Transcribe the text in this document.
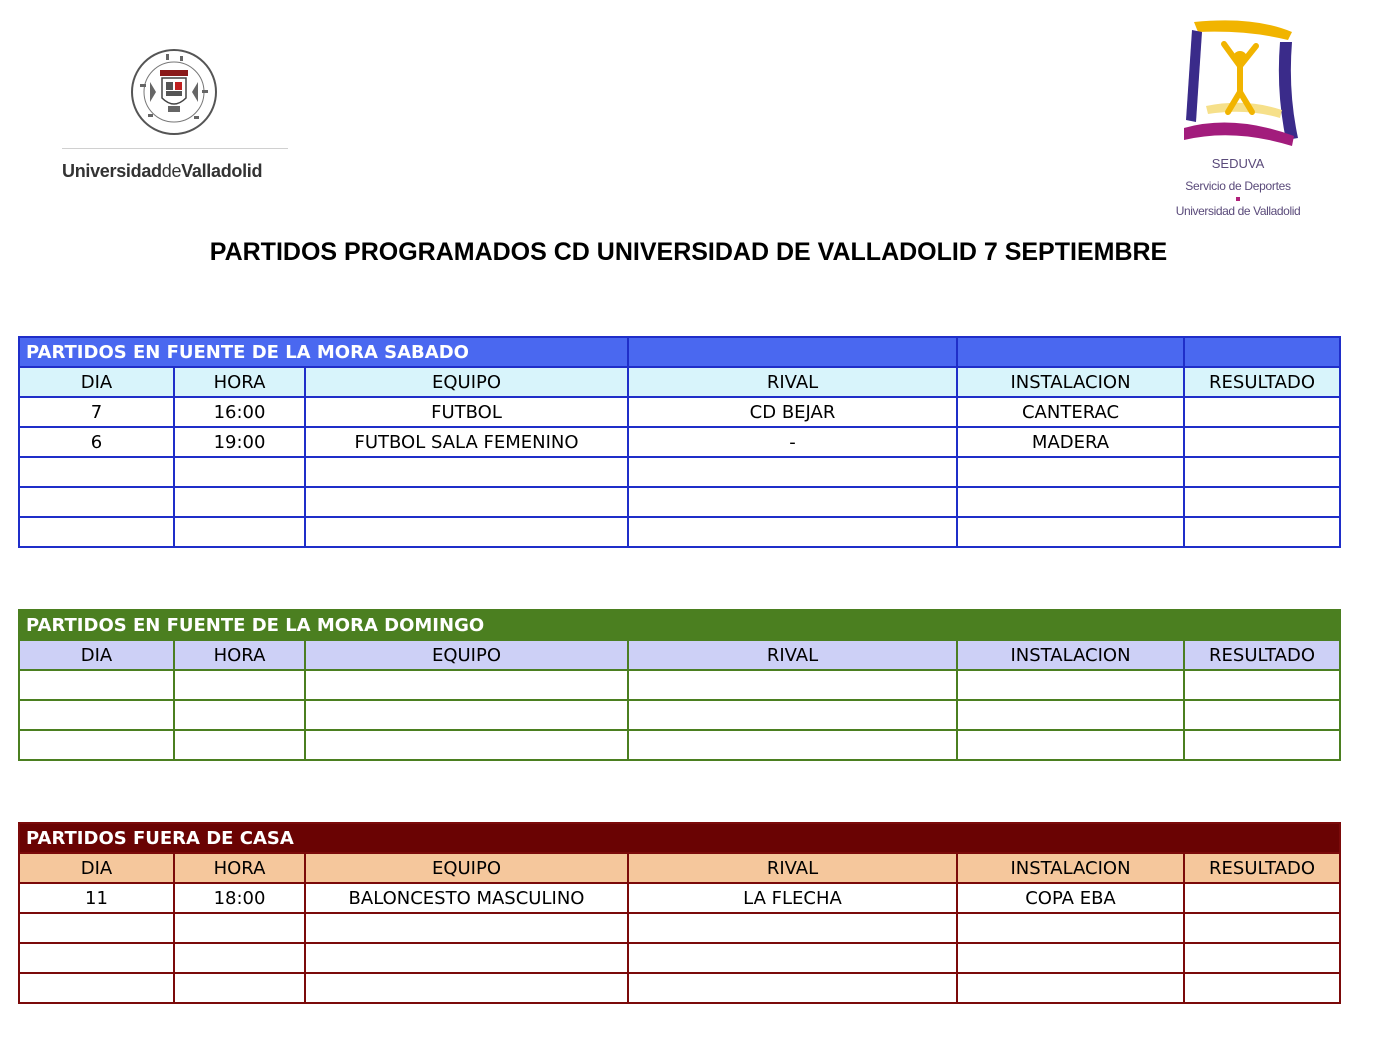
UniversidaddeValladolid	SEDUVA
Servicio de Deportes
Universidad de Valladolid
PARTIDOS PROGRAMADOS CD UNIVERSIDAD DE VALLADOLID 7 SEPTIEMBRE
PARTIDOS EN FUENTE DE LA MORA SABADO					
DIA	HORA	EQUIPO	RIVAL	INSTALACION	RESULTADO
7	16:00	FUTBOL	CD BEJAR	CANTERAC	
6	19:00	FUTBOL SALA FEMENINO	-	MADERA	

PARTIDOS EN FUENTE DE LA MORA DOMINGO					
DIA	HORA	EQUIPO	RIVAL	INSTALACION	RESULTADO

PARTIDOS FUERA DE CASA					
DIA	HORA	EQUIPO	RIVAL	INSTALACION	RESULTADO
11	18:00	BALONCESTO MASCULINO	LA FLECHA	COPA EBA	
